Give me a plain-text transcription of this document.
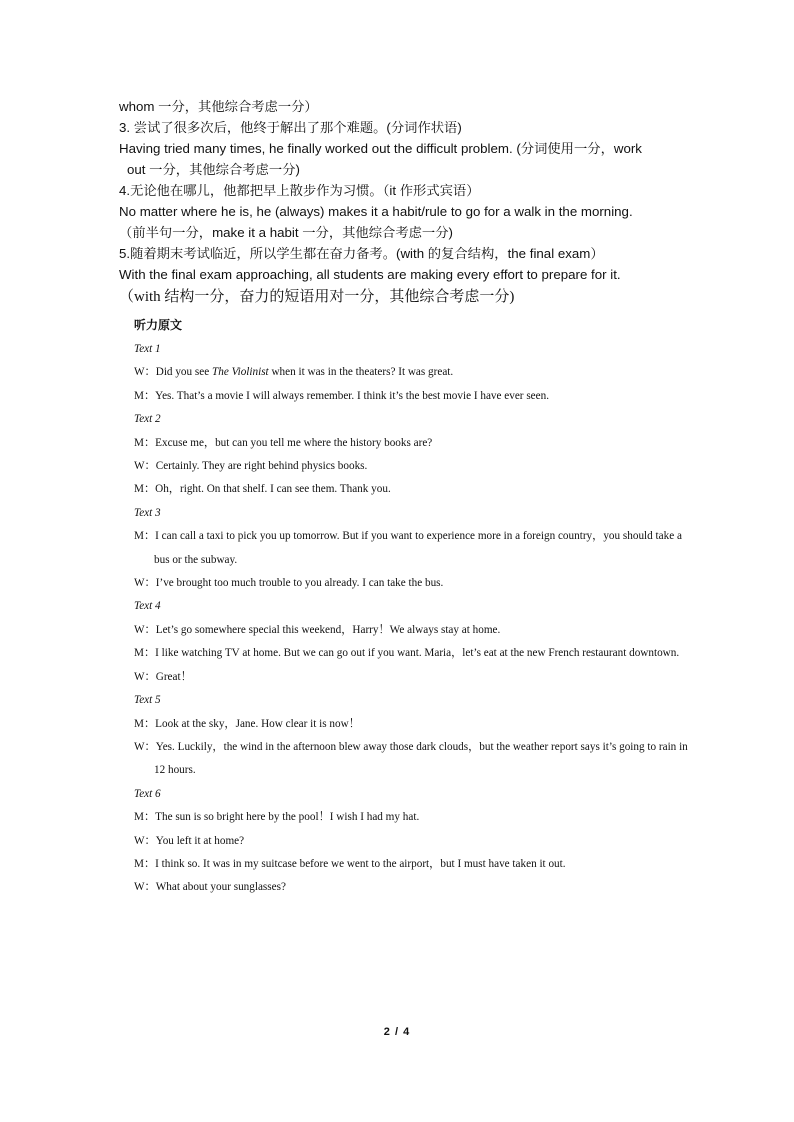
whom 一分，其他综合考虑一分）

3. 尝试了很多次后，他终于解出了那个难题。(分词作状语)

Having tried many times, he finally worked out the difficult problem. (分词使用一分，work

out 一分，其他综合考虑一分)

4.无论他在哪儿，他都把早上散步作为习惯。（it 作形式宾语）

No matter where he is, he (always) makes it a habit/rule to go for a walk in the morning.

（前半句一分，make it a habit 一分，其他综合考虑一分)

5.随着期末考试临近，所以学生都在奋力备考。(with 的复合结构，the final exam）

With the final exam approaching, all students are making every effort to prepare for it.

（with 结构一分，奋力的短语用对一分，其他综合考虑一分)

听力原文
Text 1
W：Did you see The Violinist when it was in the theaters? It was great.
M：Yes. That’s a movie I will always remember. I think it’s the best movie I have ever seen.
Text 2
M：Excuse me，but can you tell me where the history books are?
W：Certainly. They are right behind physics books.
M：Oh，right. On that shelf. I can see them. Thank you.
Text 3
M：I can call a taxi to pick you up tomorrow. But if you want to experience more in a foreign country，you should take a
bus or the subway.
W：I’ve brought too much trouble to you already. I can take the bus.
Text 4
W：Let’s go somewhere special this weekend，Harry！We always stay at home.
M：I like watching TV at home. But we can go out if you want. Maria，let’s eat at the new French restaurant downtown.
W：Great！
Text 5
M：Look at the sky，Jane. How clear it is now！
W：Yes. Luckily，the wind in the afternoon blew away those dark clouds，but the weather report says it’s going to rain in
12 hours.
Text 6
M：The sun is so bright here by the pool！I wish I had my hat.
W：You left it at home?
M：I think so. It was in my suitcase before we went to the airport，but I must have taken it out.
W：What about your sunglasses?
2 / 4
